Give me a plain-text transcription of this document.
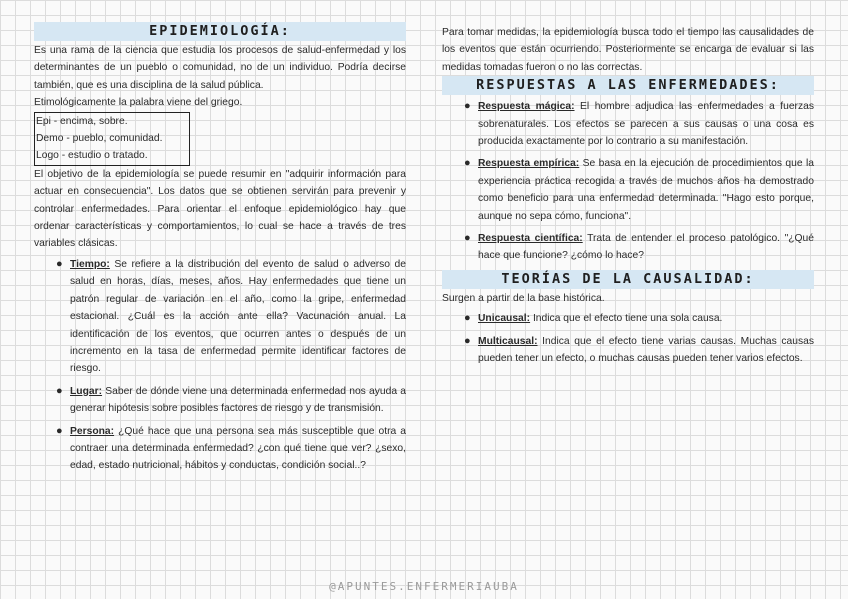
EPIDEMIOLOGÍA:

Es una rama de la ciencia que estudia los procesos de salud-enfermedad y los determinantes de un pueblo o comunidad, no de un individuo. Podría decirse también, que es una disciplina de la salud pública.

Etimológicamente la palabra viene del griego.

Epi - encima, sobre.
Demo - pueblo, comunidad.
Logo - estudio o tratado.

El objetivo de la epidemiología se puede resumir en "adquirir información para actuar en consecuencia". Los datos que se obtienen servirán para prevenir y controlar enfermedades. Para orientar el enfoque epidemiológico hay que ordenar características y comportamientos, lo cual se hace a través de tres variables clásicas.

● Tiempo: Se refiere a la distribución del evento de salud o adverso de salud en horas, días, meses, años. Hay enfermedades que tiene un patrón regular de variación en el año, como la gripe, enfermedad estacional. ¿Cuál es la acción ante ella? Vacunación anual. La identificación de los eventos, que ocurren antes o después de un incremento en la tasa de enfermedad permite identificar factores de riesgo.
● Lugar: Saber de dónde viene una determinada enfermedad nos ayuda a generar hipótesis sobre posibles factores de riesgo y de transmisión.
● Persona: ¿Qué hace que una persona sea más susceptible que otra a contraer una determinada enfermedad? ¿con qué tiene que ver? ¿sexo, edad, estado nutricional, hábitos y conductas, condición social..?

Para tomar medidas, la epidemiología busca todo el tiempo las causalidades de los eventos que están ocurriendo. Posteriormente se encarga de evaluar si las medidas tomadas fueron o no las correctas.

RESPUESTAS A LAS ENFERMEDADES:
● Respuesta mágica: El hombre adjudica las enfermedades a fuerzas sobrenaturales. Los efectos se parecen a sus causas o una cosa es producida exactamente por lo contrario a su manifestación.
● Respuesta empírica: Se basa en la ejecución de procedimientos que la experiencia práctica recogida a través de muchos años ha demostrado como beneficio para una enfermedad determinada. "Hago esto porque, aunque no sepa cómo, funciona".
● Respuesta científica: Trata de entender el proceso patológico. "¿Qué hace que funcione? ¿cómo lo hace?
TEORÍAS DE LA CAUSALIDAD:

Surgen a partir de la base histórica.

● Unicausal: Indica que el efecto tiene una sola causa.
● Multicausal: Indica que el efecto tiene varias causas. Muchas causas pueden tener un efecto, o muchas causas pueden tener varios efectos.
@APUNTES.ENFERMERIAUBA
